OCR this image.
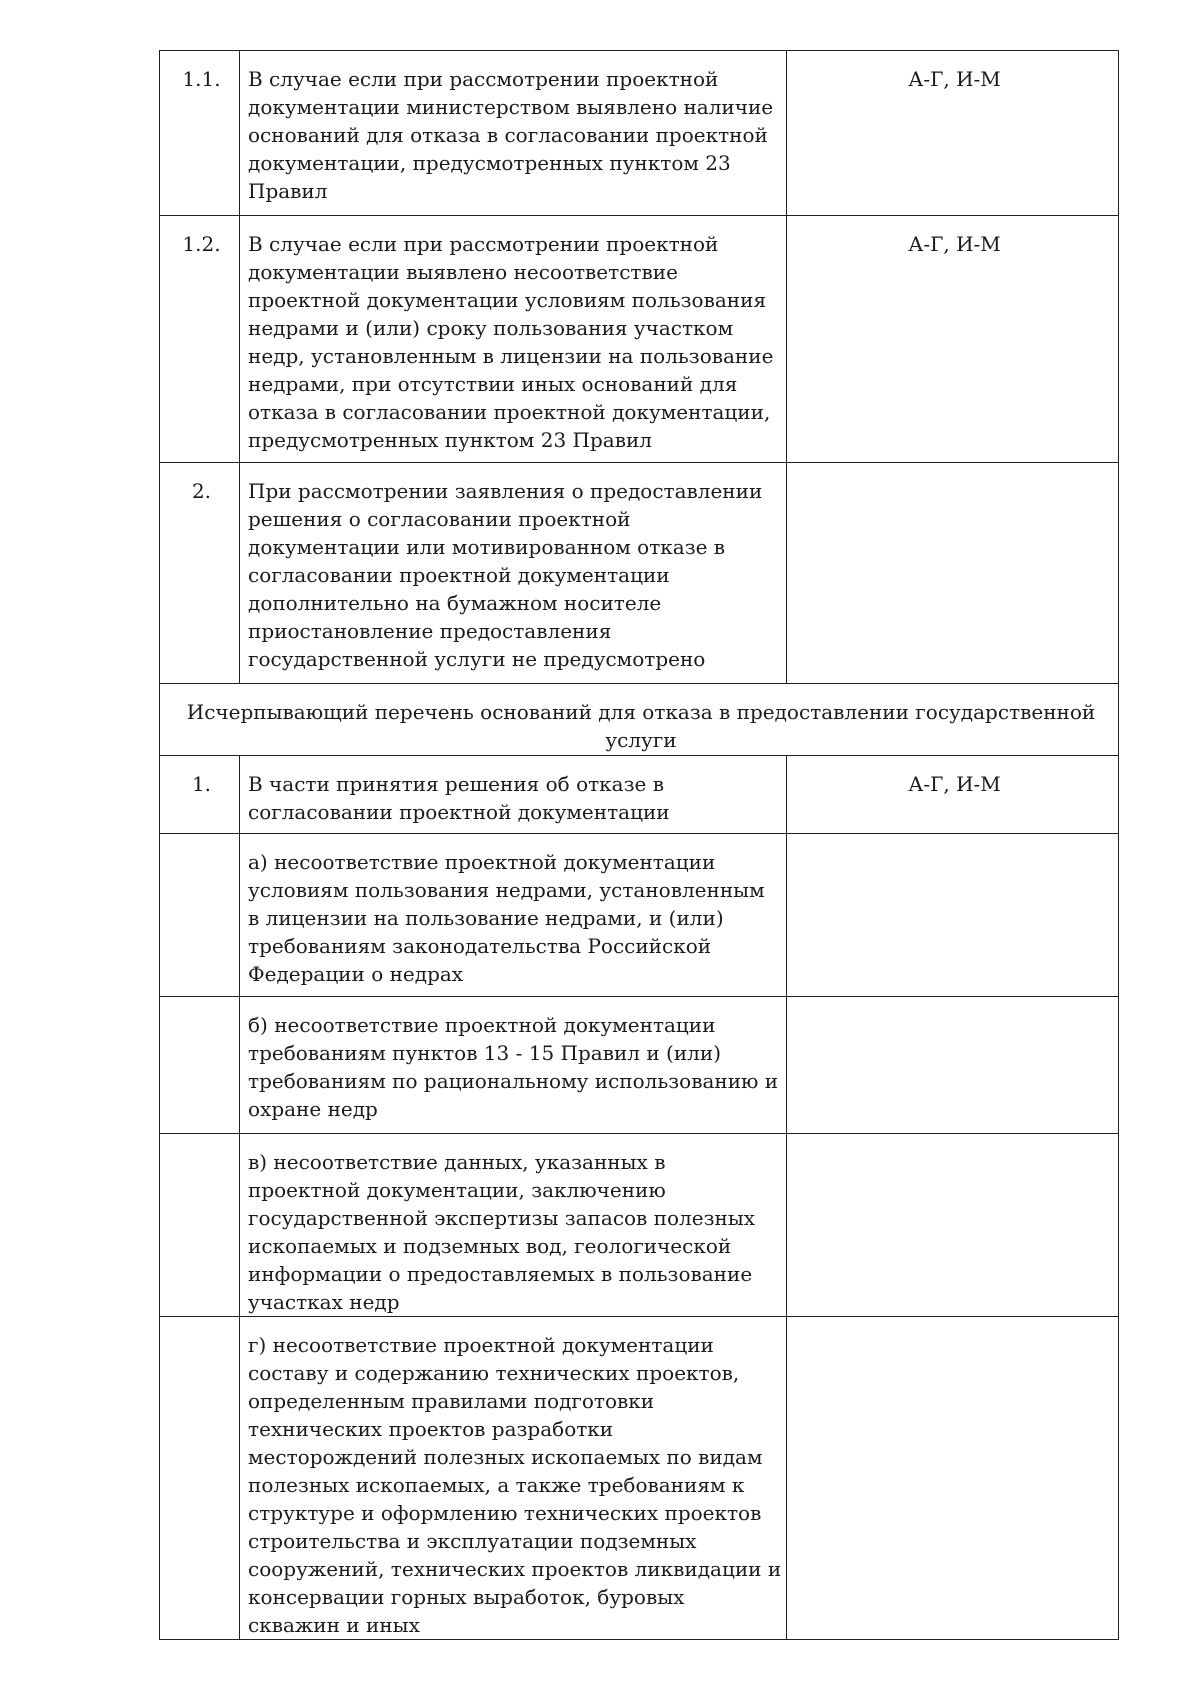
1.1.	В случае если при рассмотрении проектной документации министерством выявлено наличие оснований для отказа в согласовании проектной документации, предусмотренных пунктом 23 Правил	А-Г, И-М
1.2.	В случае если при рассмотрении проектной документации выявлено несоответствие проектной документации условиям пользования недрами и (или) сроку пользования участком недр, установленным в лицензии на пользование недрами, при отсутствии иных оснований для отказа в согласовании проектной документации, предусмотренных пунктом 23 Правил	А-Г, И-М
2.	При рассмотрении заявления о предоставлении решения о согласовании проектной документации или мотивированном отказе в согласовании проектной документации дополнительно на бумажном носителе приостановление предоставления государственной услуги не предусмотрено	
Исчерпывающий перечень оснований для отказа в предоставлении государственной услуги		
1.	В части принятия решения об отказе в согласовании проектной документации	А-Г, И-М
	а) несоответствие проектной документации условиям пользования недрами, установленным в лицензии на пользование недрами, и (или) требованиям законодательства Российской Федерации о недрах	
	б) несоответствие проектной документации требованиям пунктов 13 - 15 Правил и (или) требованиям по рациональному использованию и охране недр	
	в) несоответствие данных, указанных в проектной документации, заключению государственной экспертизы запасов полезных ископаемых и подземных вод, геологической информации о предоставляемых в пользование участках недр	
	г) несоответствие проектной документации составу и содержанию технических проектов, определенным правилами подготовки технических проектов разработки месторождений полезных ископаемых по видам полезных ископаемых, а также требованиям к структуре и оформлению технических проектов строительства и эксплуатации подземных сооружений, технических проектов ликвидации и консервации горных выработок, буровых скважин и иных	
